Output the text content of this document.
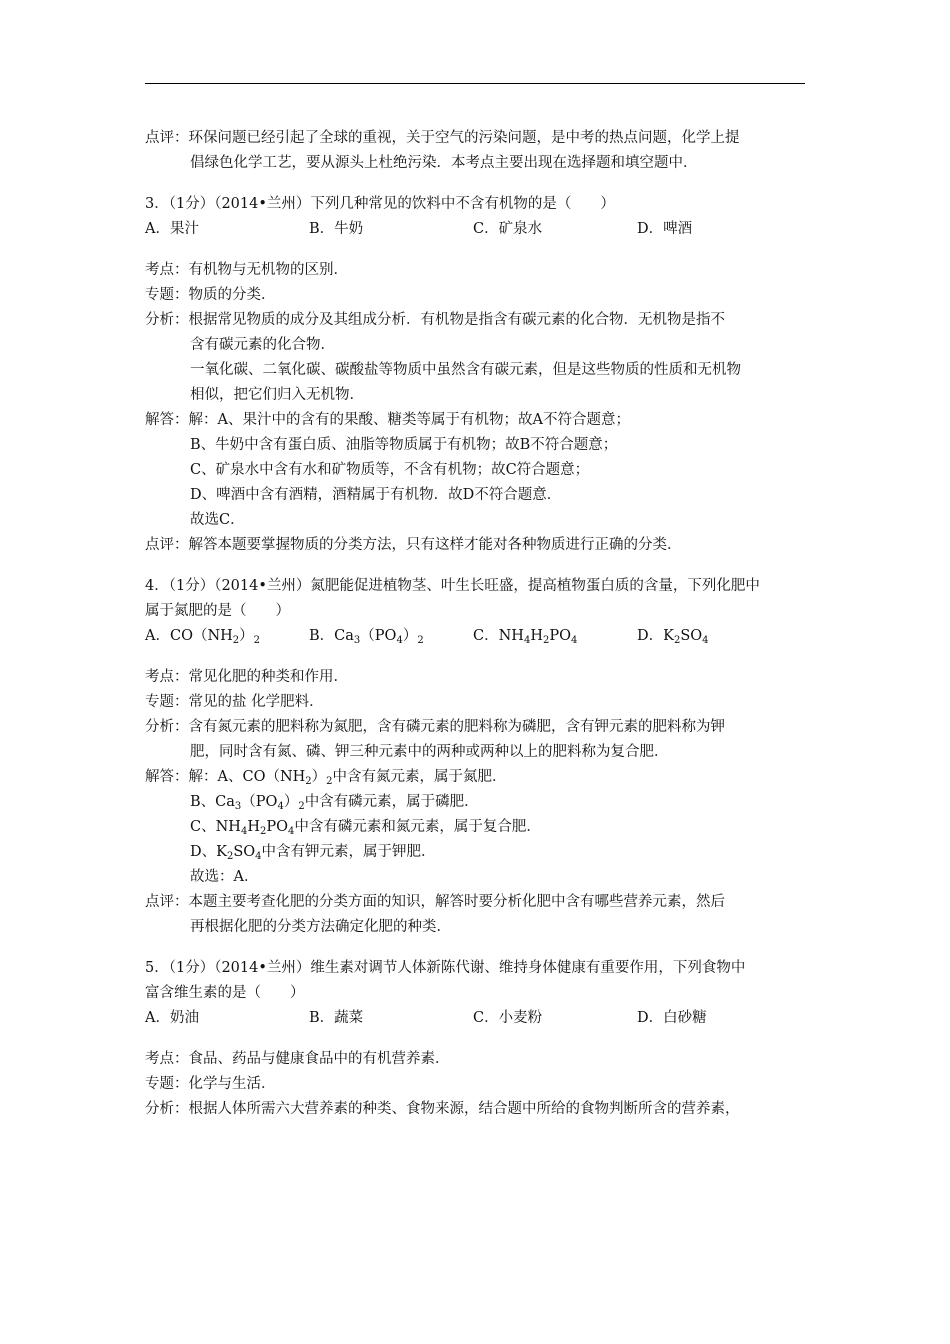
点评：环保问题已经引起了全球的重视，关于空气的污染问题，是中考的热点问题，化学上提
倡绿色化学工艺，要从源头上杜绝污染．本考点主要出现在选择题和填空题中．
3．（1分）（2014•兰州）下列几种常见的饮料中不含有机物的是（　　）
A．果汁	B．牛奶	C．矿泉水	D．啤酒
考点：有机物与无机物的区别．
专题：物质的分类．
分析：根据常见物质的成分及其组成分析．有机物是指含有碳元素的化合物．无机物是指不
含有碳元素的化合物．
一氧化碳、二氧化碳、碳酸盐等物质中虽然含有碳元素，但是这些物质的性质和无机物
相似，把它们归入无机物．
解答：解：A、果汁中的含有的果酸、糖类等属于有机物；故A不符合题意；
B、牛奶中含有蛋白质、油脂等物质属于有机物；故B不符合题意；
C、矿泉水中含有水和矿物质等，不含有机物；故C符合题意；
D、啤酒中含有酒精，酒精属于有机物．故D不符合题意．
故选C．
点评：解答本题要掌握物质的分类方法，只有这样才能对各种物质进行正确的分类．
4．（1分）（2014•兰州）氮肥能促进植物茎、叶生长旺盛，提高植物蛋白质的含量，下列化肥中
属于氮肥的是（　　）
A．$CO(NH_2)_2$	B．$Ca_3(PO_4)_2$	C．$NH_4H_2PO_4$	D．$K_2SO_4$
考点：常见化肥的种类和作用．
专题：常见的盐 化学肥料．
分析：含有氮元素的肥料称为氮肥，含有磷元素的肥料称为磷肥，含有钾元素的肥料称为钾
肥，同时含有氮、磷、钾三种元素中的两种或两种以上的肥料称为复合肥．
解答：解：A、$CO(NH_2)_2$中含有氮元素，属于氮肥．
B、$Ca_3(PO_4)_2$中含有磷元素，属于磷肥．
C、$NH_4H_2PO_4$中含有磷元素和氮元素，属于复合肥．
D、$K_2SO_4$中含有钾元素，属于钾肥．
故选：A．
点评：本题主要考查化肥的分类方面的知识，解答时要分析化肥中含有哪些营养元素，然后
再根据化肥的分类方法确定化肥的种类．
5．（1分）（2014•兰州）维生素对调节人体新陈代谢、维持身体健康有重要作用，下列食物中
富含维生素的是（　　）
A．奶油	B．蔬菜	C．小麦粉	D．白砂糖
考点：食品、药品与健康食品中的有机营养素．
专题：化学与生活．
分析：根据人体所需六大营养素的种类、食物来源，结合题中所给的食物判断所含的营养素，
